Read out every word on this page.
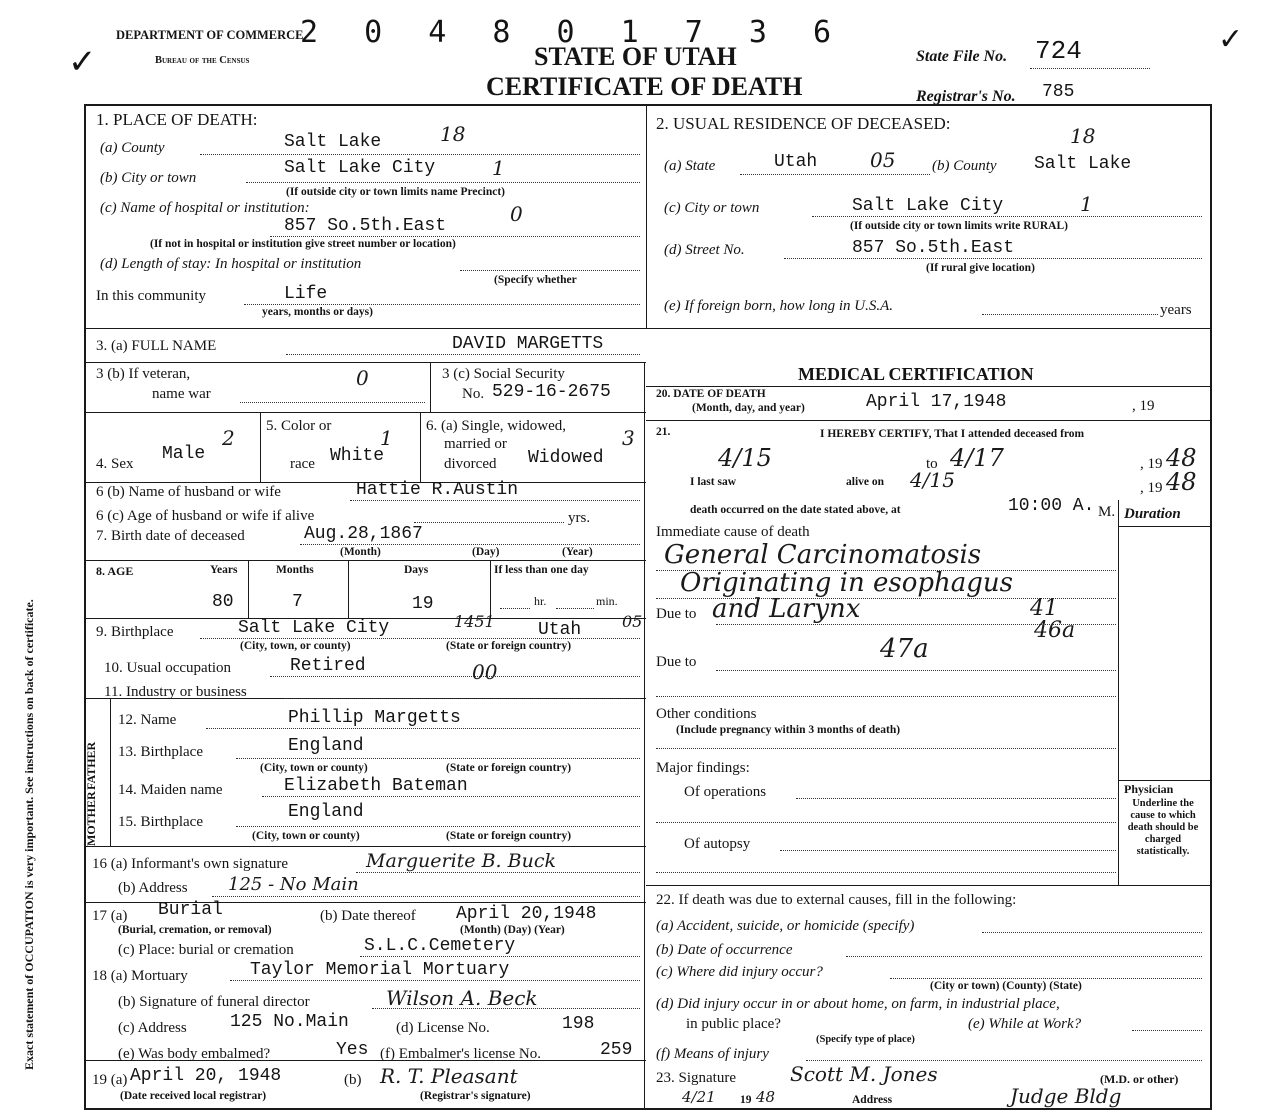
✓
✓
DEPARTMENT OF COMMERCE
Bureau of the Census
2 0 4 8 0 1 7 3 6
STATE OF UTAH
CERTIFICATE OF DEATH
State File No. 724
Registrar's No. 785
Exact statement of OCCUPATION is very important. See instructions on back of certificate.
1. PLACE OF DEATH:
(a) County	Salt Lake	18
(b) City or town	Salt Lake City	1
(If outside city or town limits name Precinct)
(c) Name of hospital or institution:
857 So.5th.East	0
(If not in hospital or institution give street number or location)
(d) Length of stay: In hospital or institution
(Specify whether
In this community	Life
years, months or days)
2. USUAL RESIDENCE OF DECEASED:
(a) State	Utah	05 (b) County Salt Lake
18
(c) City or town	Salt Lake City	1
(If outside city or town limits write RURAL)
(d) Street No.	857 So.5th.East
(If rural give location)
(e) If foreign born, how long in U.S.A.	years
3. (a) FULL NAME	DAVID MARGETTS
3 (b) If veteran,
name war
0	3 (c) Social Security
No. 529-16-2675
4. Sex Male
2 5. Color or
race White
1 6. (a) Single, widowed,
married or
divorced Widowed
3
6 (b) Name of husband or wife	Hattie R.Austin
6 (c) Age of husband or wife if alive	yrs.
7. Birth date of deceased	Aug.28,1867
(Month)	(Day)	(Year)
8. AGE	Years	Months	Days	If less than one day
80	7	19	hr.	min.
9. Birthplace	Salt Lake City	1451 Utah	05
(City, town, or county)	(State or foreign country)
10. Usual occupation	Retired	00
11. Industry or business
FATHER
MOTHER
12. Name	Phillip Margetts
13. Birthplace	England
(City, town or county)	(State or foreign country)
14. Maiden name	Elizabeth Bateman
15. Birthplace	England
(City, town or county)	(State or foreign country)
16 (a) Informant's own signature	Marguerite B. Buck
(b) Address 125 - No Main
17 (a) Burial
(Burial, cremation, or removal)
(b) Date thereof April 20,1948
(Month) (Day) (Year)
(c) Place: burial or cremation	S.L.C.Cemetery
18 (a) Mortuary	Taylor Memorial Mortuary
(b) Signature of funeral director	Wilson A. Beck
(c) Address 125 No.Main	(d) License No.	198
(e) Was body embalmed?	Yes (f) Embalmer's license No.	259
19 (a) April 20, 1948
(Date received local registrar)
(b) R. T. Pleasant
(Registrar's signature)
MEDICAL CERTIFICATION
20. DATE OF DEATH
(Month, day, and year)	April 17,1948	, 19
21.	I HEREBY CERTIFY, That I attended deceased from
4/15	to 4/17	, 19 48
I last saw	alive on 4/15	, 19 48
death occurred on the date stated above, at	10:00 A. M. Duration
Immediate cause of death
General Carcinomatosis
Originating in esophagus
Due to and Larynx	41
46a
Due to	47a
Other conditions
(Include pregnancy within 3 months of death)
Major findings:
Of operations
Of autopsy
Physician
Underline the cause to which death should be charged statistically.
22. If death was due to external causes, fill in the following:
(a) Accident, suicide, or homicide (specify)
(b) Date of occurrence
(c) Where did injury occur?
(City or town) (County) (State)
(d) Did injury occur in or about home, on farm, in industrial place,
in public place?
(Specify type of place)
(e) While at Work?
(f) Means of injury
23. Signature	Scott M. Jones	(M.D. or other)
4/21 19 48	Address	Judge Bldg
